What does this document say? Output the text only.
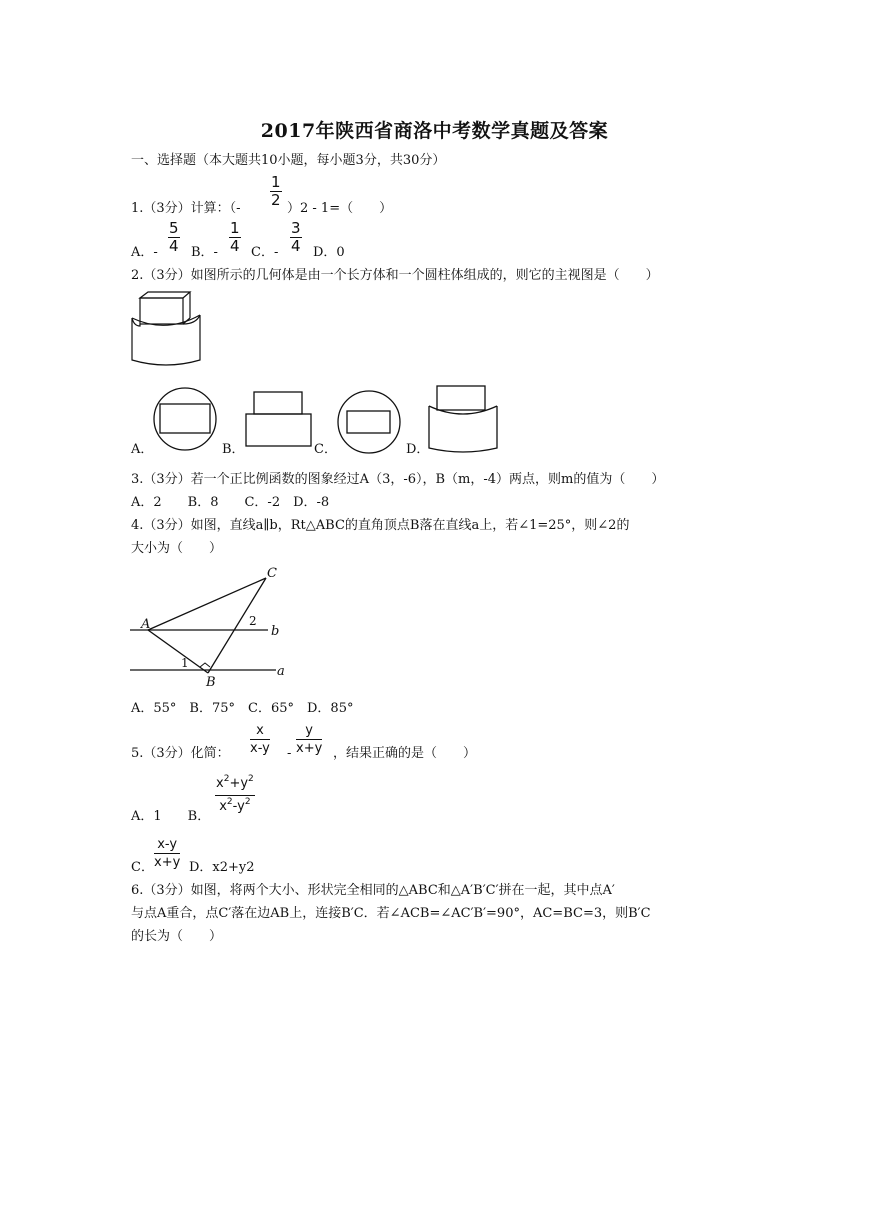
2017年陕西省商洛中考数学真题及答案
一、选择题（本大题共10小题，每小题3分，共30分）
1.（3分）计算：（- $\frac{1}{2} )2 - 1=$（　　）
A．- $\frac{5}{4}$ B．- $\frac{1}{4}$ C．- $\frac{3}{4}$ D．0
2.（3分）如图所示的几何体是由一个长方体和一个圆柱体组成的，则它的主视图是（　　）
A．	B．	C．	D．
3.（3分）若一个正比例函数的图象经过A（3，-6），B（m，-4）两点，则m的值为（　　）
A．2　　B．8　　C．-2　D．-8
4.（3分）如图，直线a∥b，Rt△ABC的直角顶点B落在直线a上，若∠1=25°，则∠2的
大小为（　　）
A
C
B
1
2
b
a
A．55°　B．75°　C．65°　D．85°
5.（3分）化简： $\frac{x}{x-y} - \frac{y}{x+y}$ ，结果正确的是（　　）
A．1　　B． $\frac{x^2+y^2}{x^2-y^2}$
C． $\frac{x-y}{x+y}$ D．x2+y2
6.（3分）如图，将两个大小、形状完全相同的△ABC和△A′B′C′拼在一起，其中点A′
与点A重合，点C′落在边AB上，连接B′C．若∠ACB=∠AC′B′=90°，AC=BC=3，则B′C
的长为（　　）
